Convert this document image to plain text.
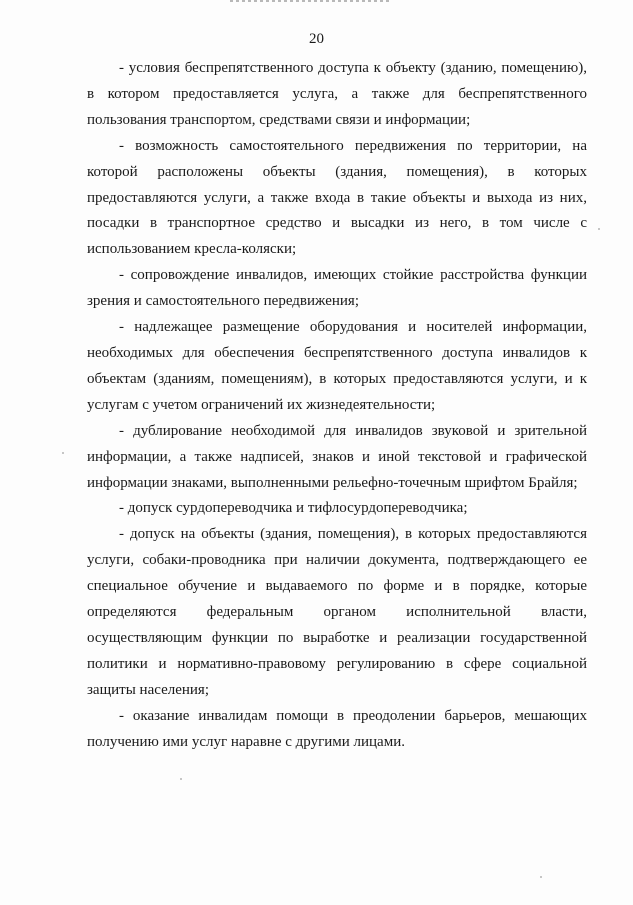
20

- условия беспрепятственного доступа к объекту (зданию, помещению), в котором предоставляется услуга, а также для беспрепятственного пользования транспортом, средствами связи и информации;

- возможность самостоятельного передвижения по территории, на которой расположены объекты (здания, помещения), в которых предоставляются услуги, а также входа в такие объекты и выхода из них, посадки в транспортное средство и высадки из него, в том числе с использованием кресла-коляски;

- сопровождение инвалидов, имеющих стойкие расстройства функции зрения и самостоятельного передвижения;

- надлежащее размещение оборудования и носителей информации, необходимых для обеспечения беспрепятственного доступа инвалидов к объектам (зданиям, помещениям), в которых предоставляются услуги, и к услугам с учетом ограничений их жизнедеятельности;

- дублирование необходимой для инвалидов звуковой и зрительной информации, а также надписей, знаков и иной текстовой и графической информации знаками, выполненными рельефно-точечным шрифтом Брайля;

- допуск сурдопереводчика и тифлосурдопереводчика;

- допуск на объекты (здания, помещения), в которых предоставляются услуги, собаки-проводника при наличии документа, подтверждающего ее специальное обучение и выдаваемого по форме и в порядке, которые определяются федеральным органом исполнительной власти, осуществляющим функции по выработке и реализации государственной политики и нормативно-правовому регулированию в сфере социальной защиты населения;

- оказание инвалидам помощи в преодолении барьеров, мешающих получению ими услуг наравне с другими лицами.
